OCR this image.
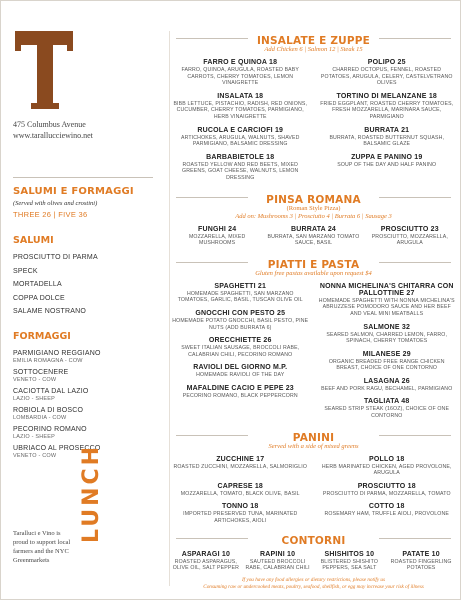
475 Columbus Avenue
www.tarallucciewino.net
SALUMI E FORMAGGI
(Served with olives and crostini)
THREE 26 | FIVE 36
SALUMI
PROSCIUTTO DI PARMA
SPECK
MORTADELLA
COPPA DOLCE
SALAME NOSTRANO
FORMAGGI
PARMIGIANO REGGIANO
EMILIA ROMAGNA - COW
SOTTOCENERE
VENETO - COW
CACIOTTA DAL LAZIO
LAZIO - SHEEP
ROBIOLA DI BOSCO
LOMBARDIA - COW
PECORINO ROMANO
LAZIO - SHEEP
UBRIACO AL PROSECCO
VENETO - COW
Taralluci e Vino is proud to support local farmers and the NYC Greenmarkets
LUNCH
INSALATE E ZUPPE
Add Chicken 6 | Salmon 12 | Steak 15
FARRO E QUINOA 18
FARRO, QUINOA, ARUGULA, ROASTED BABY CARROTS, CHERRY TOMATOES, LEMON VINAIGRETTE
POLIPO 25
CHARRED OCTOPUS, FENNEL, ROASTED POTATOES, ARUGULA, CELERY, CASTELVETRANO OLIVES
INSALATA 18
BIBB LETTUCE, PISTACHIO, RADISH, RED ONIONS, CUCUMBER, CHERRY TOMATOES, PARMIGIANO, HERB VINAIGRETTE
TORTINO DI MELANZANE 18
FRIED EGGPLANT, ROASTED CHERRY TOMATOES, FRESH MOZZARELLA, MARINARA SAUCE, PARMIGIANO
RUCOLA E CARCIOFI 19
ARTICHOKES, ARUGULA, WALNUTS, SHAVED PARMIGIANO, BALSAMIC DRESSING
BURRATA 21
BURRATA, ROASTED BUTTERNUT SQUASH, BALSAMIC GLAZE
BARBABIETOLE 18
ROASTED YELLOW AND RED BEETS, MIXED GREENS, GOAT CHEESE, WALNUTS, LEMON DRESSING
ZUPPA E PANINO 19
SOUP OF THE DAY AND HALF PANINO
PINSA ROMANA
(Roman Style Pizza)
Add on: Mushrooms 3 | Prosciutto 4 | Burrata 6 | Sausage 3
FUNGHI 24
MOZZARELLA, MIXED MUSHROOMS
BURRATA 24
BURRATA, SAN MARZANO TOMATO SAUCE, BASIL
PROSCIUTTO 23
PROSCIUTTO, MOZZARELLA, ARUGULA
PIATTI E PASTA
Gluten free pastas available upon request $4
SPAGHETTI 21
HOMEMADE SPAGHETTI, SAN MARZANO TOMATOES, GARLIC, BASIL, TUSCAN OLIVE OIL
GNOCCHI CON PESTO 25
HOMEMADE POTATO GNOCCHI, BASIL PESTO, PINE NUTS (ADD BURRATA 6)
ORECCHIETTE 26
SWEET ITALIAN SAUSAGE, BROCCOLI RABE, CALABRIAN CHILI, PECORINO ROMANO
RAVIOLI DEL GIORNO M.P.
HOMEMADE RAVIOLI OF THE DAY
MAFALDINE CACIO E PEPE 23
PECORINO ROMANO, BLACK PEPPERCORN
NONNA MICHELINA'S CHITARRA CON PALLOTTINE 27
HOMEMADE SPAGHETTI WITH NONNA MICHELINA'S ABRUZZESE POMODORO SAUCE AND HER BEEF AND VEAL MINI MEATBALLS
SALMONE 32
SEARED SALMON, CHARRED LEMON, FARRO, SPINACH, CHERRY TOMATOES
MILANESE 29
ORGANIC BREADED FREE RANGE CHICKEN BREAST, CHOICE OF ONE CONTORNO
LASAGNA 26
BEEF AND PORK RAGU, BECHAMEL, PARMIGIANO
TAGLIATA 48
SEARED STRIP STEAK (16OZ), CHOICE OF ONE CONTORNO
PANINI
Served with a side of mixed greens
ZUCCHINE 17
ROASTED ZUCCHINI, MOZZARELLA, SALMORIGLIO
POLLO 18
HERB MARINATED CHICKEN, AGED PROVOLONE, ARUGULA
CAPRESE 18
MOZZARELLA, TOMATO, BLACK OLIVE, BASIL
PROSCIUTTO 18
PROSCIUTTO DI PARMA, MOZZARELLA, TOMATO
TONNO 18
IMPORTED PRESERVED TUNA, MARINATED ARTICHOKES, AIOLI
COTTO 18
ROSEMARY HAM, TRUFFLE AIOLI, PROVOLONE
CONTORNI
ASPARAGI 10
ROASTED ASPARAGUS, OLIVE OIL, SALT PEPPER
RAPINI 10
SAUTEED BROCCOLI RABE, CALABRIAN CHILI
SHISHITOS 10
BLISTERED SHISHITO PEPPERS, SEA SALT
PATATE 10
ROASTED FINGERLING POTATOES
If you have any food allergies or dietary restrictions, please notify us
Consuming raw or undercooked meats, poultry, seafood, shellfish, or egg may increase your risk of illness
